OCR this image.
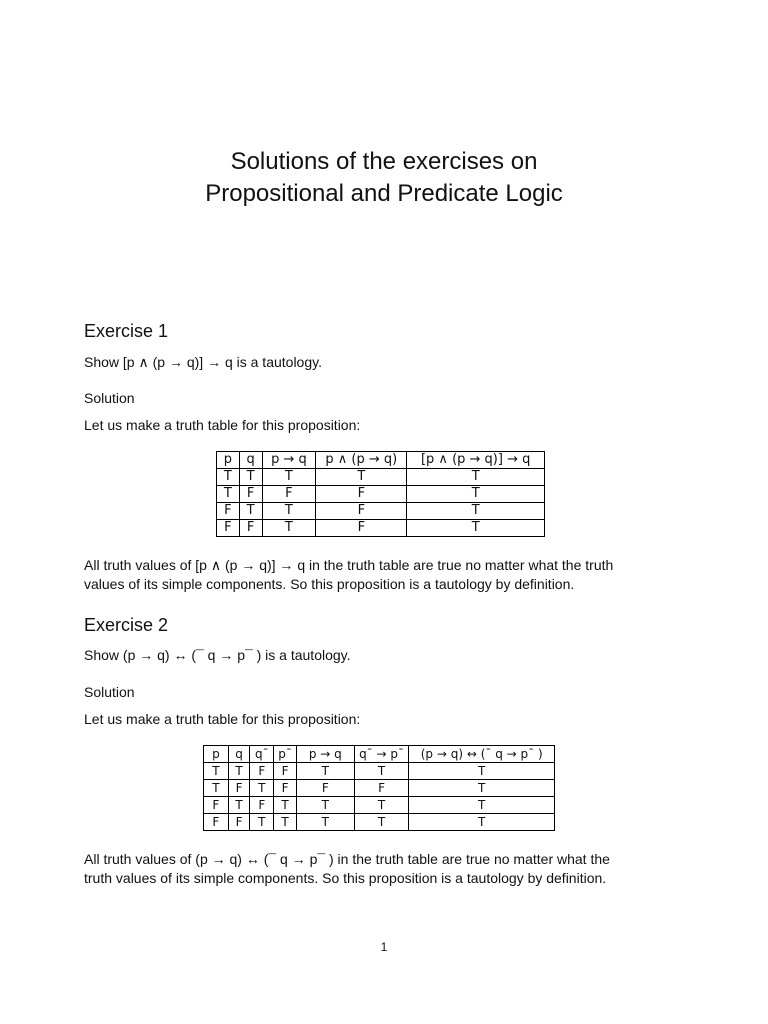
Solutions of the exercises on
Propositional and Predicate Logic
Exercise 1

Show [p ∧ (p → q)] → q is a tautology.

Solution

Let us make a truth table for this proposition:

p	q	p → q	p ∧ (p → q)	[p ∧ (p → q)] → q
T	T	T	T	T
T	F	F	F	T
F	T	T	F	T
F	F	T	F	T

All truth values of [p ∧ (p → q)] → q in the truth table are true no matter what the truth

values of its simple components. So this proposition is a tautology by definition.

Exercise 2

Show (p → q) ↔ (¯ q → p¯ ) is a tautology.

Solution

Let us make a truth table for this proposition:

p	q	q¯	p¯	p → q	q¯ → p¯	(p → q) ↔ (¯ q → p¯ )
T	T	F	F	T	T	T
T	F	T	F	F	F	T
F	T	F	T	T	T	T
F	F	T	T	T	T	T

All truth values of (p → q) ↔ (¯ q → p¯ ) in the truth table are true no matter what the

truth values of its simple components. So this proposition is a tautology by definition.

1
